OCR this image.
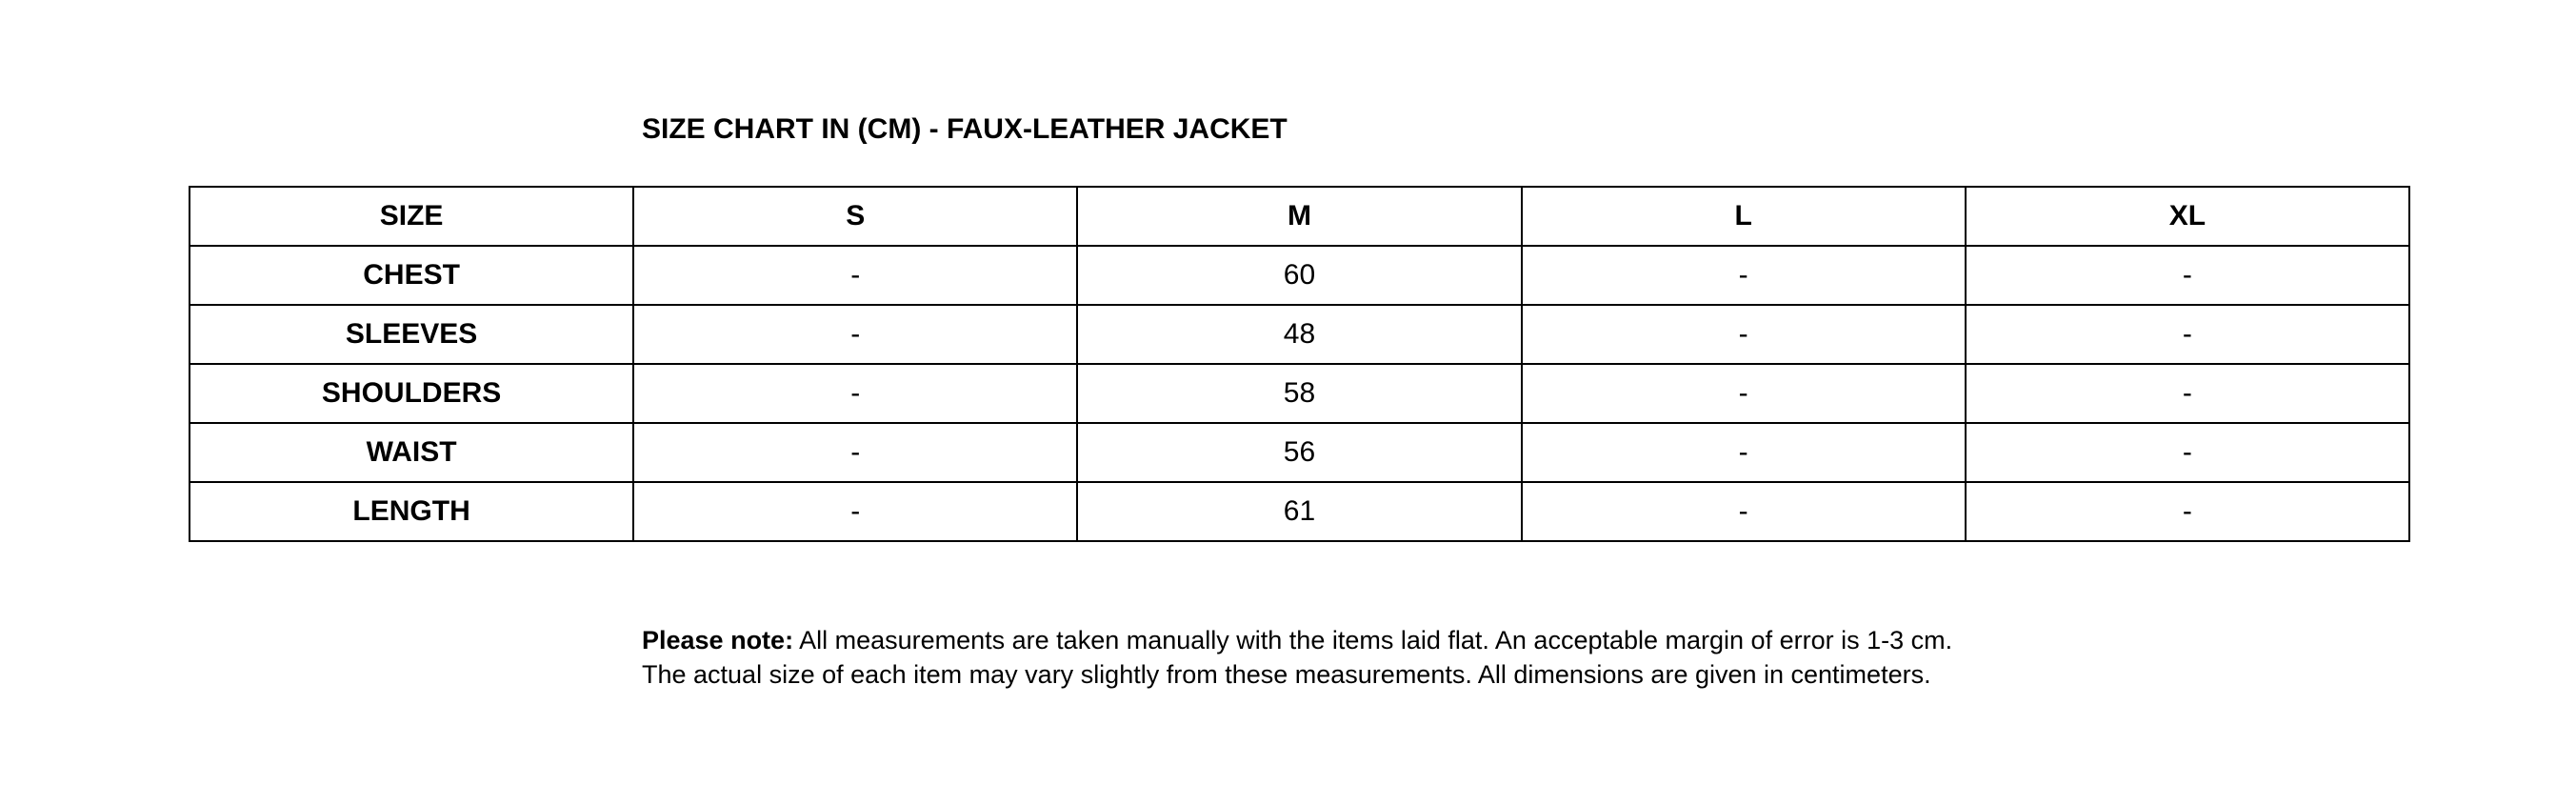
SIZE CHART IN (CM) - FAUX-LEATHER JACKET
SIZE	S	M	L	XL
CHEST	-	60	-	-
SLEEVES	-	48	-	-
SHOULDERS	-	58	-	-
WAIST	-	56	-	-
LENGTH	-	61	-	-
Please note: All measurements are taken manually with the items laid flat. An acceptable margin of error is 1-3 cm.
The actual size of each item may vary slightly from these measurements. All dimensions are given in centimeters.
